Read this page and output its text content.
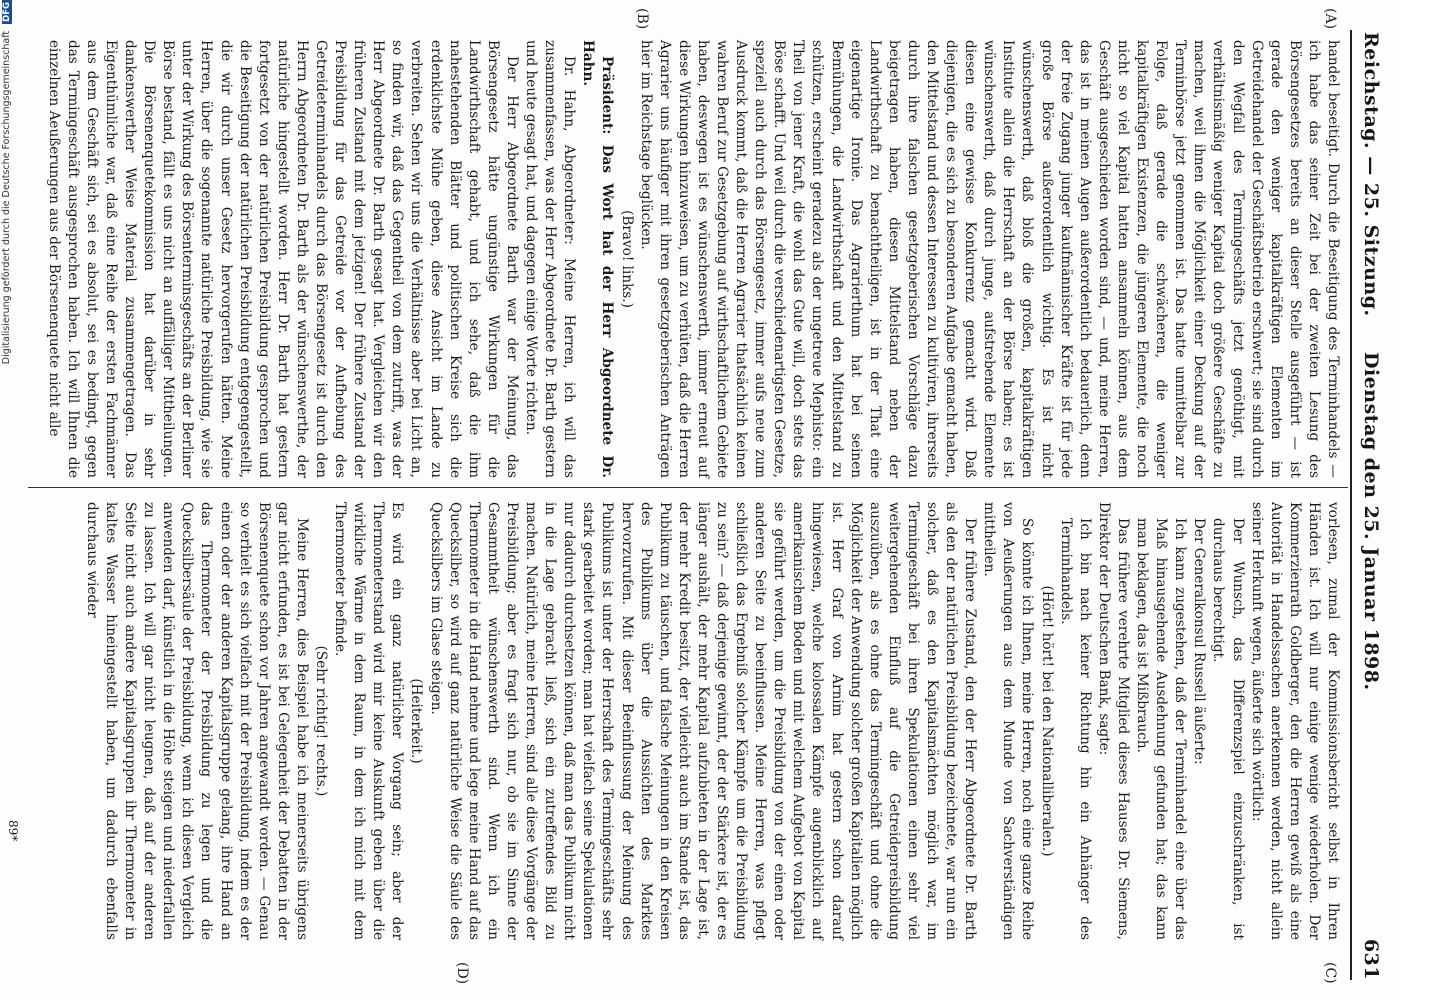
Reichstag. — 25. Sitzung.
Dienstag den 25. Januar 1898.
631
(A)
(B)
(C)
(D)

handel beseitigt. Durch die Beseitigung des Terminhandels — ich habe das seiner Zeit bei der zweiten Lesung des Börsengesetzes bereits an dieser Stelle ausgeführt — ist gerade den weniger kapitalkräftigen Elementen im Getreidehandel der Geschäftsbetrieb erschwert; sie sind durch den Wegfall des Termingeschäfts jetzt genöthigt, mit verhältnismäßig weniger Kapital doch größere Geschäfte zu machen, weil ihnen die Möglichkeit einer Deckung auf der Terminbörse jetzt genommen ist. Das hatte unmittelbar zur Folge, daß gerade die schwächeren, die weniger kapitalkräftigen Existenzen, die jüngeren Elemente, die noch nicht so viel Kapital hatten ansammeln können, aus dem Geschäft ausgeschieden worden sind, — und, meine Herren, das ist in meinen Augen außerordentlich bedauerlich, denn der freie Zugang junger kaufmännischer Kräfte ist für jede große Börse außerordentlich wichtig. Es ist nicht wünschenswerth, daß bloß die großen, kapitalkräftigen Institute allein die Herrschaft an der Börse haben; es ist wünschenswerth, daß durch junge, aufstrebende Elemente diesen eine gewisse Konkurrenz gemacht wird. Daß diejenigen, die es sich zu besonderen Aufgabe gemacht haben, den Mittelstand und dessen Interessen zu kultiviren, ihrerseits durch ihre falschen gesetzgeberischen Vorschläge dazu beigetragen haben, diesen Mittelstand neben der Landwirthschaft zu benachtheiligen, ist in der That eine eigenartige Ironie. Das Agrarierthum hat bei seinen Bemühungen, die Landwirthschaft und den Mittelstand zu schützen, erscheint geradezu als der ungetreue Mephisto: ein Theil von jener Kraft, die wohl das Gute will, doch stets das Böse schafft. Und weil durch die verschiedenartigsten Gesetze, speziell auch durch das Börsengesetz, immer aufs neue zum Ausdruck kommt, daß die Herren Agrarier thatsächlich keinen wahren Beruf zur Gesetzgebung auf wirthschaftlichem Gebiete haben, deswegen ist es wünschenswerth, immer erneut auf diese Wirkungen hinzuweisen, um zu verhüten, daß die Herren Agrarier uns häufiger mit ihren gesetzgeberischen Anträgen hier im Reichstage beglücken.

(Bravo! links.)

Präsident: Das Wort hat der Herr Abgeordnete Dr. Hahn.

Dr. Hahn, Abgeordneter: Meine Herren, ich will das zusammenfassen, was der Herr Abgeordnete Dr. Barth gestern und heute gesagt hat, und dagegen einige Worte richten.

Der Herr Abgeordnete Barth war der Meinung, das Börsengesetz hätte ungünstige Wirkungen für die Landwirthschaft gehabt, und ich sehe, daß die ihm nahestehenden Blätter und politischen Kreise sich die erdenklichste Mühe geben, diese Ansicht im Lande zu verbreiten. Sehen wir uns die Verhältnisse aber bei Licht an, so finden wir, daß das Gegentheil von dem zutrifft, was der Herr Abgeordnete Dr. Barth gesagt hat. Vergleichen wir den früheren Zustand mit dem jetzigen! Der frühere Zustand der Preisbildung für das Getreide vor der Aufhebung des Getreideterminhandels durch das Börsengesetz ist durch den Herrn Abgeordneten Dr. Barth als der wünschenswerthe, der natürliche hingestellt worden. Herr Dr. Barth hat gestern fortgesetzt von der natürlichen Preisbildung gesprochen und die Beseitigung der natürlichen Preisbildung entgegengestellt, die wir durch unser Gesetz hervorgerufen hätten. Meine Herren, über die sogenannte natürliche Preisbildung, wie sie unter der Wirkung des Börsenterminsgeschäfts an der Berliner Börse bestand, fällt es uns nicht an auffälliger Mittheilungen. Die Börsenenquetekommission hat darüber in sehr dankenswerther Weise Material zusammengetragen. Das Eigenthümliche war, daß eine Reihe der ersten Fachmänner aus dem Geschäft sich, sei es absolut, sei es bedingt, gegen das Termingeschäft ausgesprochen haben. Ich will Ihnen die einzelnen Aeußerungen aus der Börsenenquete nicht alle

vorlesen, zumal der Kommissionsbericht selbst in Ihren Händen ist. Ich will nur einige wenige wiederholen. Der Kommerzienrath Goldberger, den die Herren gewiß als eine Autorität in Handelssachen anerkennen werden, nicht allein seiner Herkunft wegen, äußerte sich wörtlich:

Der Wunsch, das Differenzspiel einzuschränken, ist durchaus berechtigt.

Der Generalkonsul Russell äußerte:

Ich kann zugestehen, daß der Terminhandel eine über das Maß hinausgehende Ausdehnung gefunden hat; das kann man beklagen, das ist Mißbrauch.

Das frühere verehrte Mitglied dieses Hauses Dr. Siemens, Direktor der Deutschen Bank, sagte:

Ich bin nach keiner Richtung hin ein Anhänger des Terminhandels.

(Hört! hört! bei den Nationalliberalen.)

So könnte ich Ihnen, meine Herren, noch eine ganze Reihe von Aeußerungen aus dem Munde von Sachverständigen mittheilen.

Der frühere Zustand, den der Herr Abgeordnete Dr. Barth als den der natürlichen Preisbildung bezeichnete, war nun ein solcher, daß es den Kapitalsmächten möglich war, im Termingeschäft bei ihren Spekulationen einen sehr viel weitergehenden Einfluß auf die Getreidepreisbildung auszuüben, als es ohne das Termingeschäft und ohne die Möglichkeit der Anwendung solcher großen Kapitalien möglich ist. Herr Graf von Arnim hat gestern schon darauf hingewiesen, welche kolossalen Kämpfe augenblicklich auf amerikanischem Boden und mit welchem Aufgebot von Kapital sie geführt werden, um die Preisbildung von der einen oder anderen Seite zu beeinflussen. Meine Herren, was pflegt schließlich das Ergebniß solcher Kämpfe um die Preisbildung zu sein? — daß derjenige gewinnt, der der Stärkere ist, der es länger aushält, der mehr Kapital aufzubieten in der Lage ist, der mehr Kredit besitzt, der vielleicht auch im Stande ist, das Publikum zu täuschen, und falsche Meinungen in den Kreisen des Publikums über die Aussichten des Marktes hervorzurufen. Mit dieser Beeinflussung der Meinung des Publikums ist unter der Herrschaft des Termingeschäfts sehr stark gearbeitet worden; man hat vielfach seine Spekulationen nur dadurch durchsetzen können, daß man das Publikum nicht in die Lage gebracht ließ, sich ein zutreffendes Bild zu machen. Natürlich, meine Herren, sind alle diese Vorgänge der Preisbildung; aber es fragt sich nur, ob sie im Sinne der Gesammtheit wünschenswerth sind. Wenn ich ein Thermometer in die Hand nehme und lege meine Hand auf das Quecksilber, so wird auf ganz natürliche Weise die Säule des Quecksilbers im Glase steigen.

(Heiterkeit.)

Es wird ein ganz natürlicher Vorgang sein; aber der Thermometerstand wird mir keine Auskunft geben über die wirkliche Wärme in dem Raum, in dem ich mich mit dem Thermometer befinde.

(Sehr richtig! rechts.)

Meine Herren, dies Beispiel habe ich meinerseits übrigens gar nicht erfunden, es ist bei Gelegenheit der Debatten in der Börsenenquete schon vor Jahren angewandt worden. — Genau so verhielt es sich vielfach mit der Preisbildung, indem es der einen oder der anderen Kapitalsgruppe gelang, ihre Hand an das Thermometer der Preisbildung zu legen und die Quecksilbersäule der Preisbildung, wenn ich diesen Vergleich anwenden darf, künstlich in die Höhe steigen und niederfallen zu lassen. Ich will gar nicht leugnen, daß auf der anderen Seite nicht auch andere Kapitalsgruppen ihr Thermometer in kaltes Wasser hineingestellt haben, um dadurch ebenfalls durchaus wieder

89*
Digitalisierung gefördert durch die Deutsche Forschungsgemeinschaft DFG
